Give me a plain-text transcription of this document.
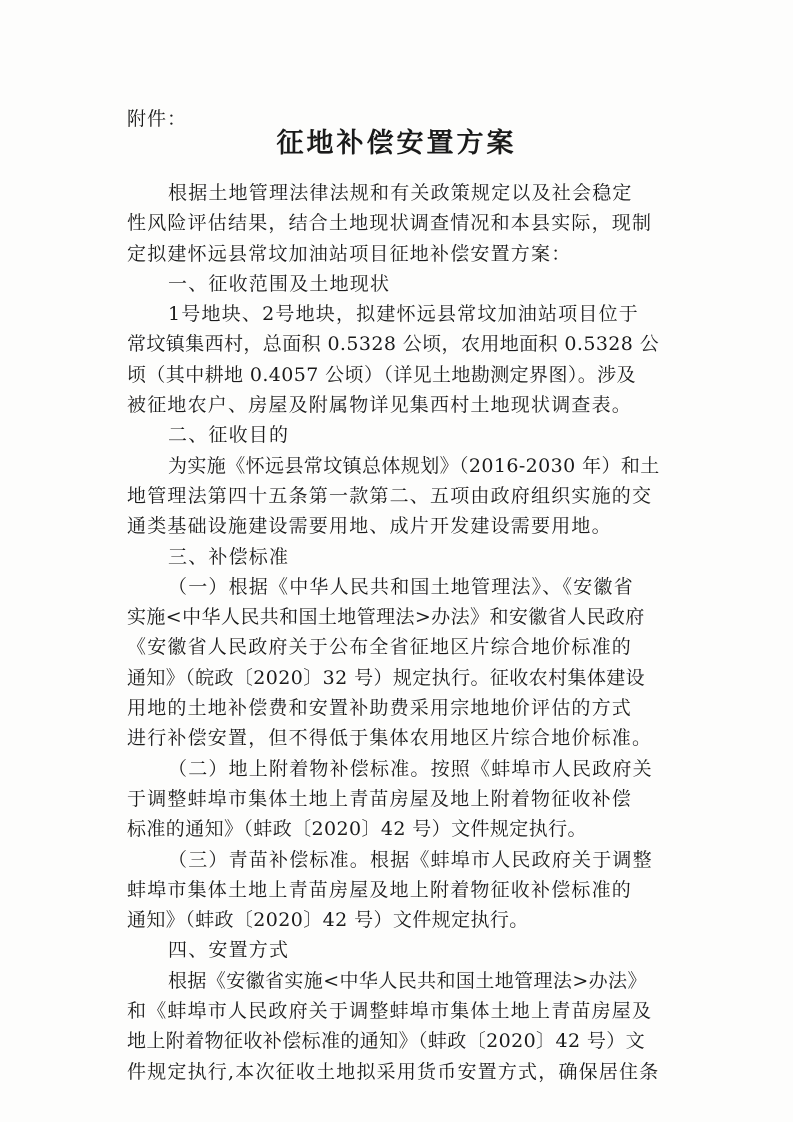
附件：
征地补偿安置方案
根据土地管理法律法规和有关政策规定以及社会稳定
性风险评估结果，结合土地现状调查情况和本县实际，现制
定拟建怀远县常坟加油站项目征地补偿安置方案：
一、征收范围及土地现状
1号地块、2号地块，拟建怀远县常坟加油站项目位于
常坟镇集西村，总面积 0.5328 公顷，农用地面积 0.5328 公
顷（其中耕地 0.4057 公顷）（详见土地勘测定界图）。涉及
被征地农户、房屋及附属物详见集西村土地现状调查表。
二、征收目的
为实施《怀远县常坟镇总体规划》（2016-2030 年）和土
地管理法第四十五条第一款第二、五项由政府组织实施的交
通类基础设施建设需要用地、成片开发建设需要用地。
三、补偿标准
（一）根据《中华人民共和国土地管理法》、《安徽省
实施<中华人民共和国土地管理法>办法》和安徽省人民政府
《安徽省人民政府关于公布全省征地区片综合地价标准的
通知》（皖政〔2020〕32 号）规定执行。征收农村集体建设
用地的土地补偿费和安置补助费采用宗地地价评估的方式
进行补偿安置，但不得低于集体农用地区片综合地价标准。
（二）地上附着物补偿标准。按照《蚌埠市人民政府关
于调整蚌埠市集体土地上青苗房屋及地上附着物征收补偿
标准的通知》（蚌政〔2020〕42 号）文件规定执行。
（三）青苗补偿标准。根据《蚌埠市人民政府关于调整
蚌埠市集体土地上青苗房屋及地上附着物征收补偿标准的
通知》（蚌政〔2020〕42 号）文件规定执行。
四、安置方式
根据《安徽省实施<中华人民共和国土地管理法>办法》
和《蚌埠市人民政府关于调整蚌埠市集体土地上青苗房屋及
地上附着物征收补偿标准的通知》（蚌政〔2020〕42 号）文
件规定执行,本次征收土地拟采用货币安置方式，确保居住条
